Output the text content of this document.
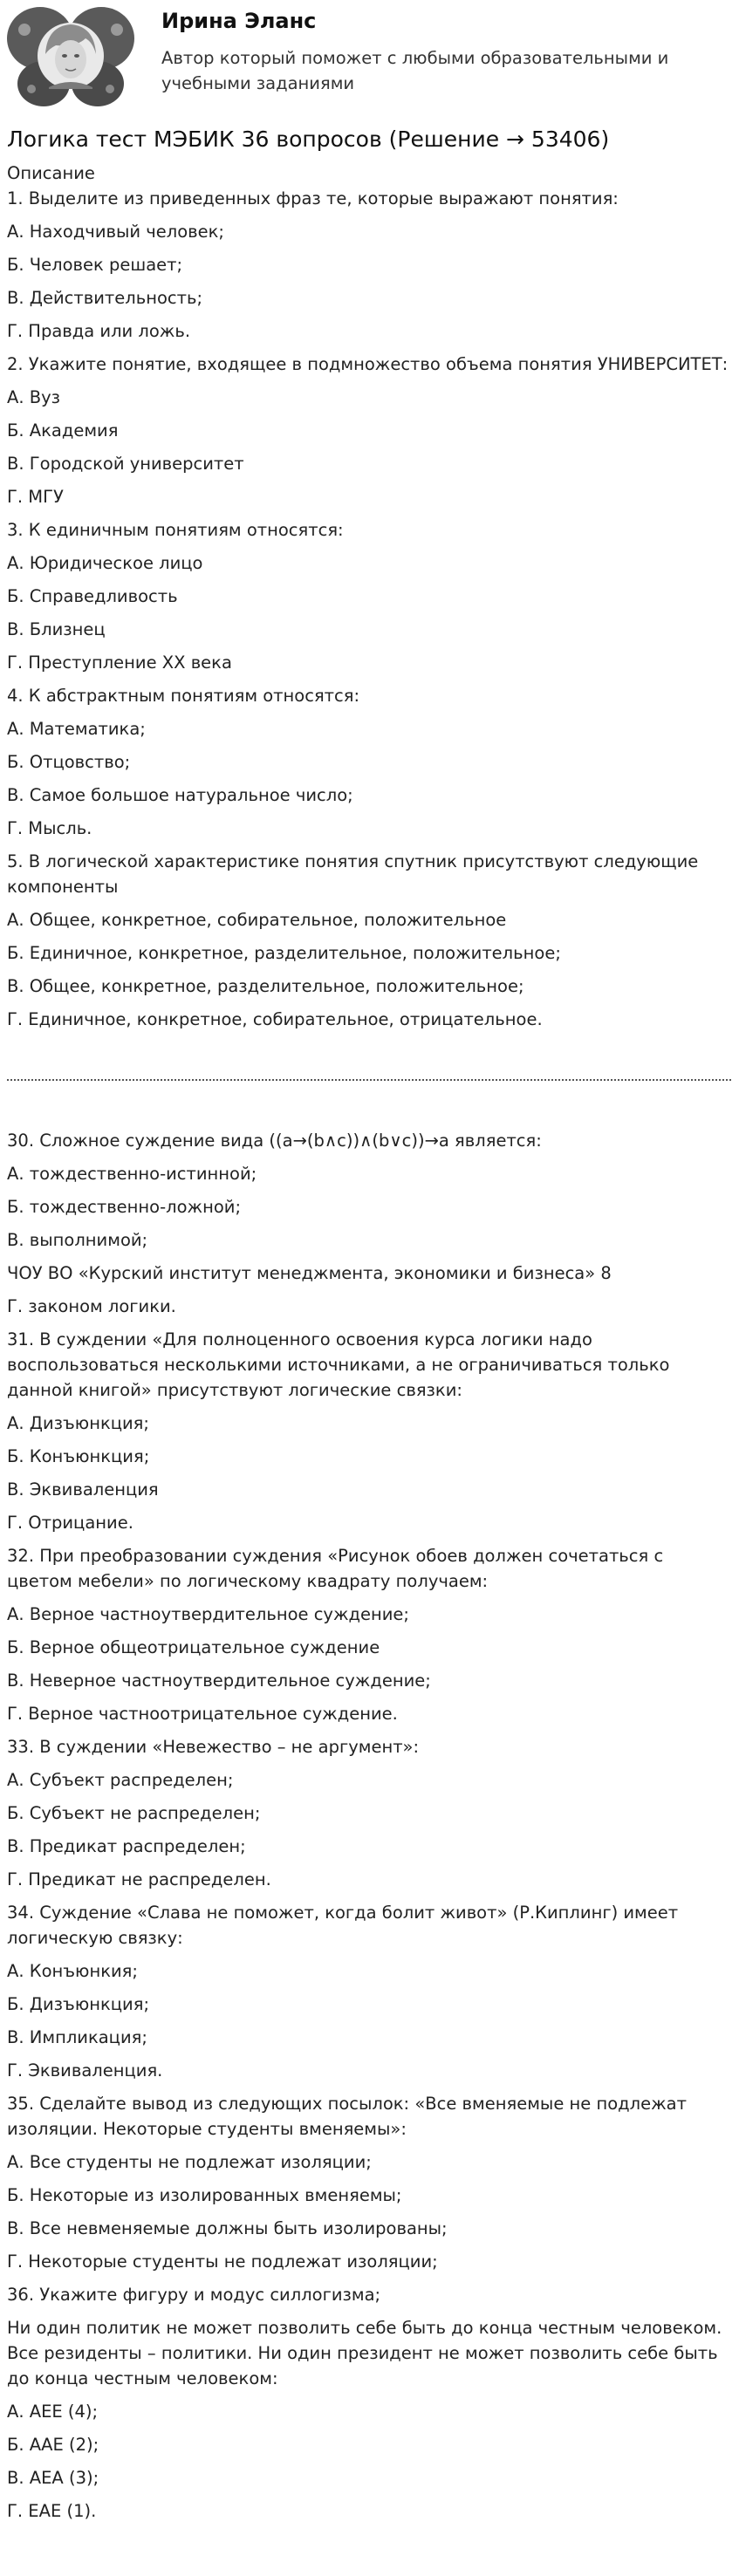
Ирина Эланс
Автор который поможет с любыми образовательными и учебными заданиями
Логика тест МЭБИК 36 вопросов (Решение → 53406)

Описание

1. Выделите из приведенных фраз те, которые выражают понятия:

А. Находчивый человек;

Б. Человек решает;

В. Действительность;

Г. Правда или ложь.

2. Укажите понятие, входящее в подмножество объема понятия УНИВЕРСИТЕТ:

А. Вуз

Б. Академия

В. Городской университет

Г. МГУ

3. К единичным понятиям относятся:

А. Юридическое лицо

Б. Справедливость

В. Близнец

Г. Преступление XX века

4. К абстрактным понятиям относятся:

А. Математика;

Б. Отцовство;

В. Самое большое натуральное число;

Г. Мысль.

5. В логической характеристике понятия спутник присутствуют следующие компоненты

А. Общее, конкретное, собирательное, положительное

Б. Единичное, конкретное, разделительное, положительное;

В. Общее, конкретное, разделительное, положительное;

Г. Единичное, конкретное, собирательное, отрицательное.

30. Сложное суждение вида ((a→(b∧c))∧(b∨c))→a является:

А. тождественно-истинной;

Б. тождественно-ложной;

В. выполнимой;

ЧОУ ВО «Курский институт менеджмента, экономики и бизнеса» 8

Г. законом логики.

31. В суждении «Для полноценного освоения курса логики надо воспользоваться несколькими источниками, а не ограничиваться только данной книгой» присутствуют логические связки:

А. Дизъюнкция;

Б. Конъюнкция;

В. Эквиваленция

Г. Отрицание.

32. При преобразовании суждения «Рисунок обоев должен сочетаться с цветом мебели» по логическому квадрату получаем:

А. Верное частноутвердительное суждение;

Б. Верное общеотрицательное суждение

В. Неверное частноутвердительное суждение;

Г. Верное частноотрицательное суждение.

33. В суждении «Невежество – не аргумент»:

А. Субъект распределен;

Б. Субъект не распределен;

В. Предикат распределен;

Г. Предикат не распределен.

34. Суждение «Слава не поможет, когда болит живот» (Р.Киплинг) имеет логическую связку:

А. Конъюнкия;

Б. Дизъюнкция;

В. Импликация;

Г. Эквиваленция.

35. Сделайте вывод из следующих посылок: «Все вменяемые не подлежат изоляции. Некоторые студенты вменяемы»:

А. Все студенты не подлежат изоляции;

Б. Некоторые из изолированных вменяемы;

В. Все невменяемые должны быть изолированы;

Г. Некоторые студенты не подлежат изоляции;

36. Укажите фигуру и модус силлогизма;

Ни один политик не может позволить себе быть до конца честным человеком. Все резиденты – политики. Ни один президент не может позволить себе быть до конца честным человеком:

А. АЕЕ (4);

Б. ААЕ (2);

В. АЕА (3);

Г. ЕАЕ (1).
